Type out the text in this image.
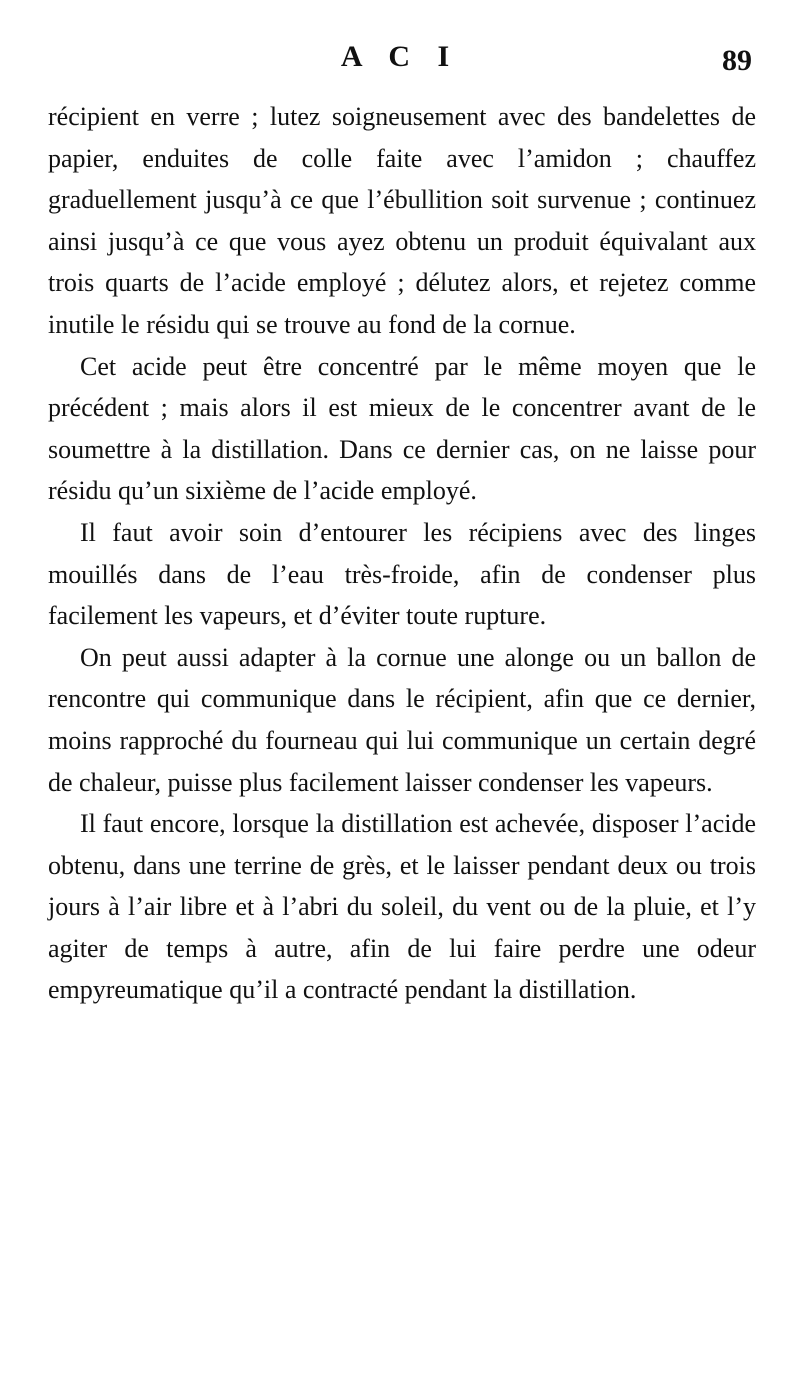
A C I	89

récipient en verre ; lutez soigneusement avec des bandelettes de papier, enduites de colle faite avec l’amidon ; chauffez graduellement jusqu’à ce que l’ébullition soit survenue ; continuez ainsi jusqu’à ce que vous ayez obtenu un produit équivalant aux trois quarts de l’acide employé ; délutez alors, et rejetez comme inutile le résidu qui se trouve au fond de la cornue.

Cet acide peut être concentré par le même moyen que le précédent ; mais alors il est mieux de le concentrer avant de le soumettre à la distillation. Dans ce dernier cas, on ne laisse pour résidu qu’un sixième de l’acide employé.

Il faut avoir soin d’entourer les récipiens avec des linges mouillés dans de l’eau très-froide, afin de condenser plus facilement les vapeurs, et d’éviter toute rupture.

On peut aussi adapter à la cornue une alonge ou un ballon de rencontre qui communique dans le récipient, afin que ce dernier, moins rapproché du fourneau qui lui communique un certain degré de chaleur, puisse plus facilement laisser condenser les vapeurs.

Il faut encore, lorsque la distillation est achevée, disposer l’acide obtenu, dans une terrine de grès, et le laisser pendant deux ou trois jours à l’air libre et à l’abri du soleil, du vent ou de la pluie, et l’y agiter de temps à autre, afin de lui faire perdre une odeur empyreumatique qu’il a contracté pendant la distillation.
